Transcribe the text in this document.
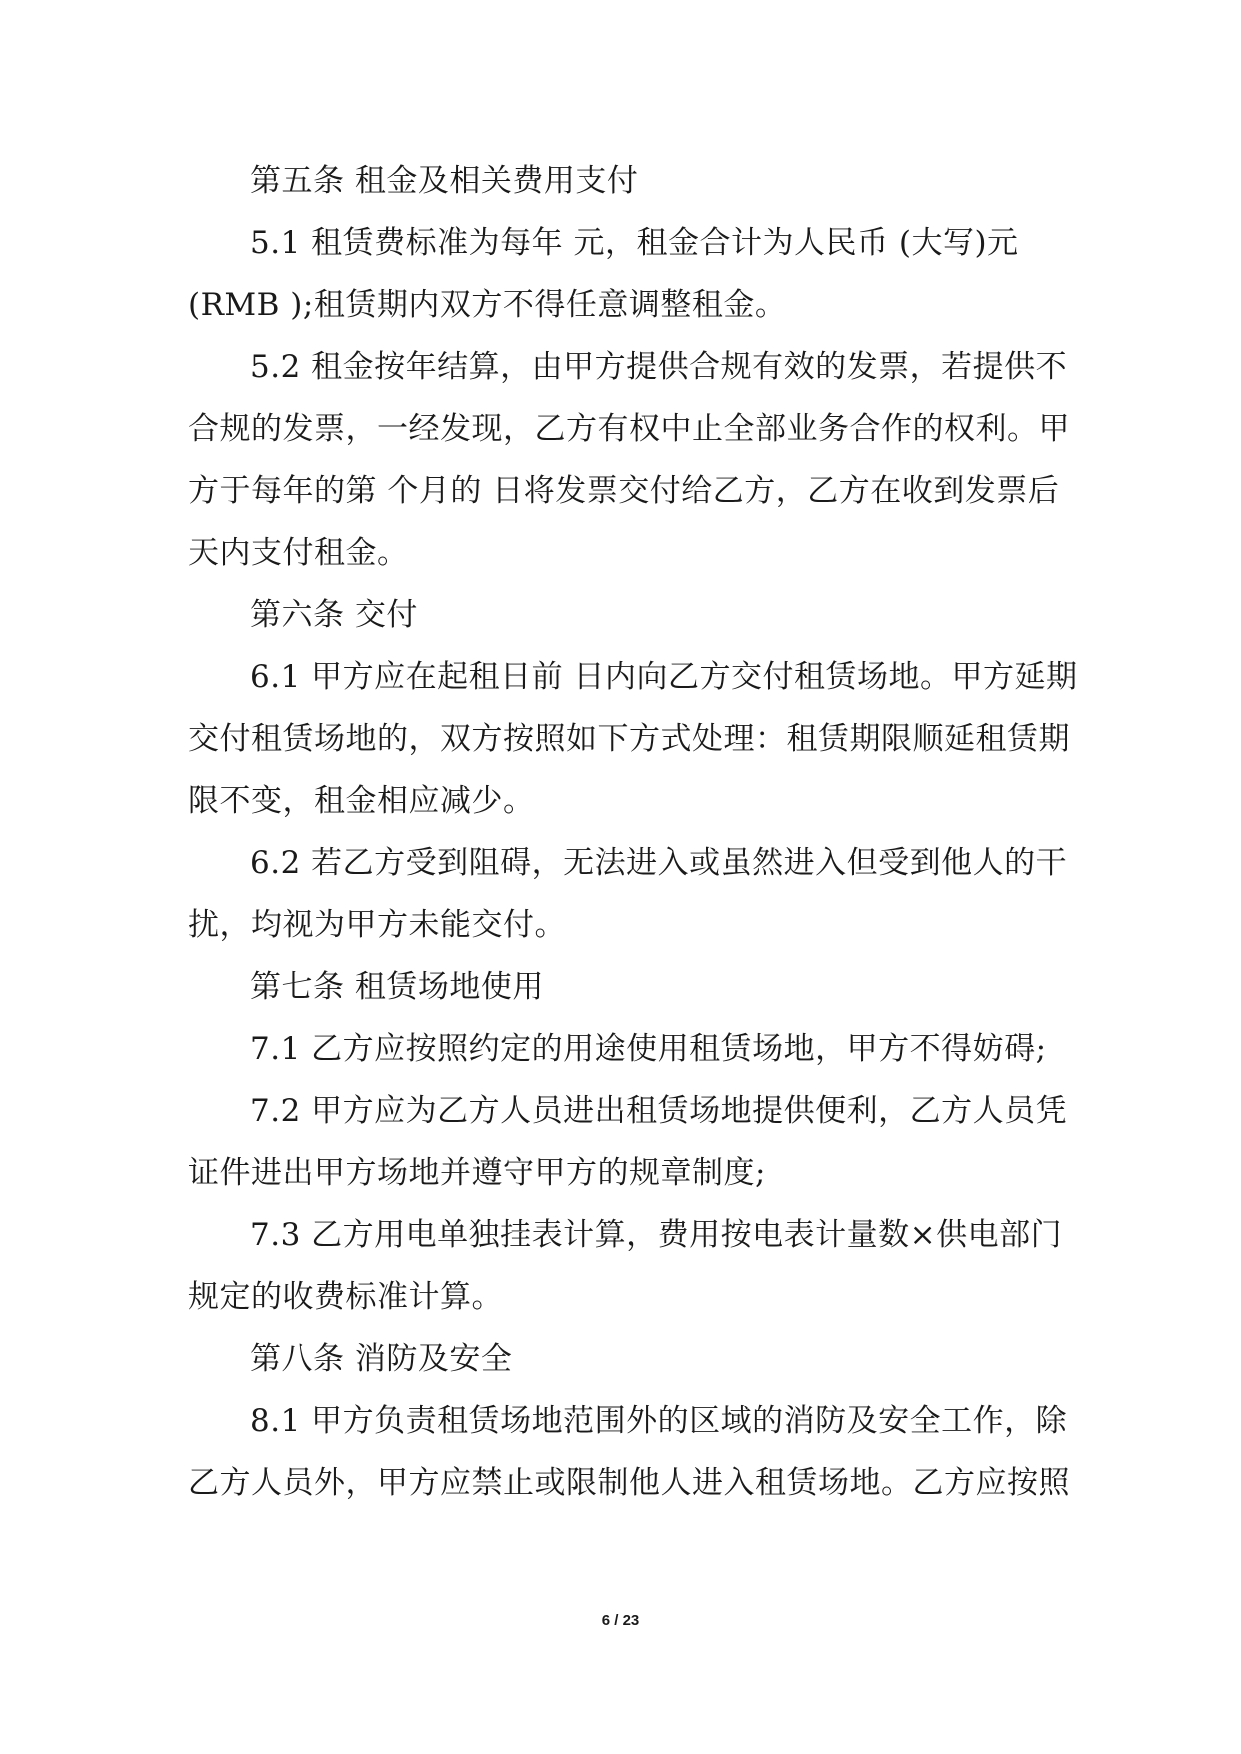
第五条 租金及相关费用支付
5.1 租赁费标准为每年 元，租金合计为人民币 (大写)元
(RMB );租赁期内双方不得任意调整租金。
5.2 租金按年结算，由甲方提供合规有效的发票，若提供不
合规的发票，一经发现，乙方有权中止全部业务合作的权利。甲
方于每年的第 个月的 日将发票交付给乙方，乙方在收到发票后
天内支付租金。
第六条 交付
6.1 甲方应在起租日前 日内向乙方交付租赁场地。甲方延期
交付租赁场地的，双方按照如下方式处理：租赁期限顺延租赁期
限不变，租金相应减少。
6.2 若乙方受到阻碍，无法进入或虽然进入但受到他人的干
扰，均视为甲方未能交付。
第七条 租赁场地使用
7.1 乙方应按照约定的用途使用租赁场地，甲方不得妨碍;
7.2 甲方应为乙方人员进出租赁场地提供便利，乙方人员凭
证件进出甲方场地并遵守甲方的规章制度;
7.3 乙方用电单独挂表计算，费用按电表计量数×供电部门
规定的收费标准计算。
第八条 消防及安全
8.1 甲方负责租赁场地范围外的区域的消防及安全工作，除
乙方人员外，甲方应禁止或限制他人进入租赁场地。乙方应按照
6 / 23
